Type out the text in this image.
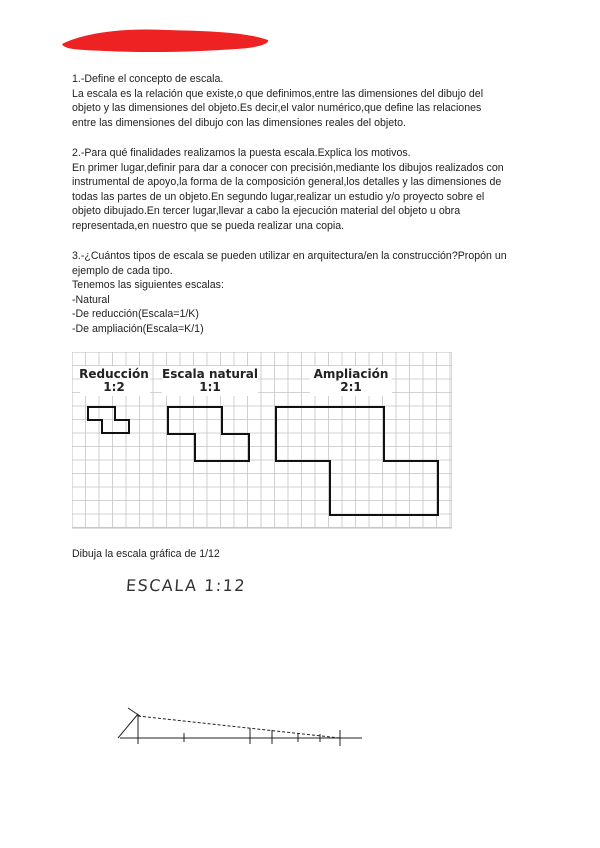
1.-Define el concepto de escala.
La escala es la relación que existe,o que definimos,entre las dimensiones del dibujo del
objeto y las dimensiones del objeto.Es decir,el valor numérico,que define las relaciones
entre las dimensiones del dibujo con las dimensiones reales del objeto.
2.-Para qué finalidades realizamos la puesta escala.Explica los motivos.
En primer lugar,definir para dar a conocer con precisión,mediante los dibujos realizados con
instrumental de apoyo,la forma de la composición general,los detalles y las dimensiones de
todas las partes de un objeto.En segundo lugar,realizar un estudio y/o proyecto sobre el
objeto dibujado.En tercer lugar,llevar a cabo la ejecución material del objeto u obra
representada,en nuestro que se pueda realizar una copia.
3.-¿Cuántos tipos de escala se pueden utilizar en arquitectura/en la construcción?Propón un
ejemplo de cada tipo.
Tenemos las siguientes escalas:
-Natural
-De reducción(Escala=1/K)
-De ampliación(Escala=K/1)
Reducción
1:2
Escala natural
1:1
Ampliación
2:1
Dibuja la escala gráfica de 1/12
ESCALA 1:12
